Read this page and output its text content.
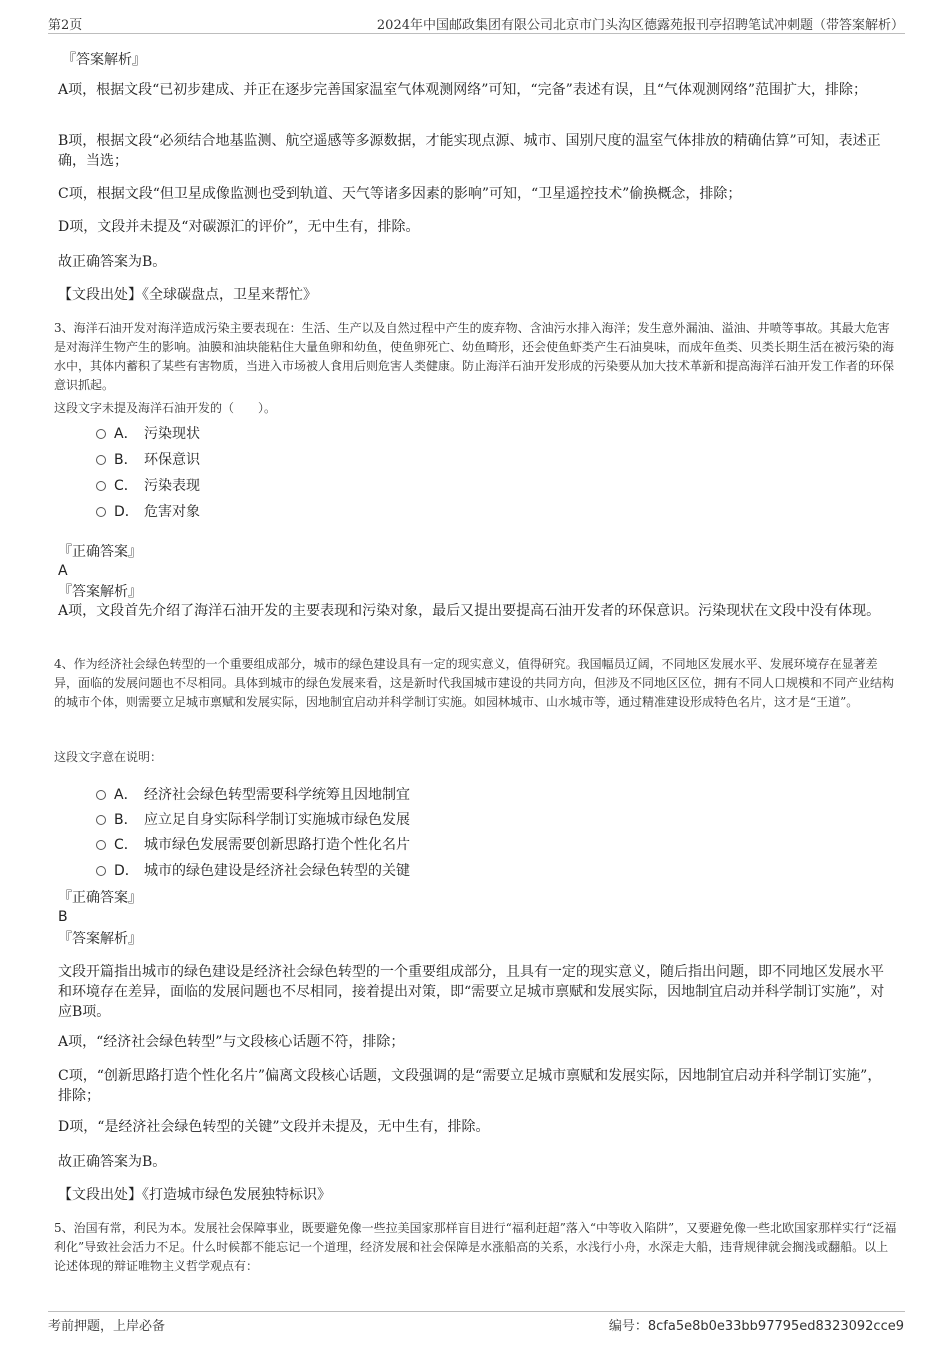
第2页	2024年中国邮政集团有限公司北京市门头沟区德露苑报刊亭招聘笔试冲刺题（带答案解析）
『答案解析』
A项，根据文段“已初步建成、并正在逐步完善国家温室气体观测网络”可知，“完备”表述有误，且“气体观测网络”范围扩大，排除；
B项，根据文段“必须结合地基监测、航空遥感等多源数据，才能实现点源、城市、国别尺度的温室气体排放的精确估算”可知，表述正确，当选；
C项，根据文段“但卫星成像监测也受到轨道、天气等诸多因素的影响”可知，“卫星遥控技术”偷换概念，排除；
D项，文段并未提及“对碳源汇的评价”，无中生有，排除。
故正确答案为B。
【文段出处】《全球碳盘点，卫星来帮忙》
3、海洋石油开发对海洋造成污染主要表现在：生活、生产以及自然过程中产生的废弃物、含油污水排入海洋；发生意外漏油、溢油、井喷等事故。其最大危害是对海洋生物产生的影响。油膜和油块能粘住大量鱼卵和幼鱼，使鱼卵死亡、幼鱼畸形，还会使鱼虾类产生石油臭味，而成年鱼类、贝类长期生活在被污染的海水中，其体内蓄积了某些有害物质，当进入市场被人食用后则危害人类健康。防止海洋石油开发形成的污染要从加大技术革新和提高海洋石油开发工作者的环保意识抓起。
这段文字未提及海洋石油开发的（　　）。
A． 污染现状
B． 环保意识
C． 污染表现
D． 危害对象
『正确答案』
A
『答案解析』
A项，文段首先介绍了海洋石油开发的主要表现和污染对象，最后又提出要提高石油开发者的环保意识。污染现状在文段中没有体现。
4、作为经济社会绿色转型的一个重要组成部分，城市的绿色建设具有一定的现实意义，值得研究。我国幅员辽阔，不同地区发展水平、发展环境存在显著差异，面临的发展问题也不尽相同。具体到城市的绿色发展来看，这是新时代我国城市建设的共同方向，但涉及不同地区区位，拥有不同人口规模和不同产业结构的城市个体，则需要立足城市禀赋和发展实际，因地制宜启动并科学制订实施。如园林城市、山水城市等，通过精准建设形成特色名片，这才是“王道”。
这段文字意在说明：
A． 经济社会绿色转型需要科学统筹且因地制宜
B． 应立足自身实际科学制订实施城市绿色发展
C． 城市绿色发展需要创新思路打造个性化名片
D． 城市的绿色建设是经济社会绿色转型的关键
『正确答案』
B
『答案解析』
文段开篇指出城市的绿色建设是经济社会绿色转型的一个重要组成部分，且具有一定的现实意义，随后指出问题，即不同地区发展水平和环境存在差异，面临的发展问题也不尽相同，接着提出对策，即“需要立足城市禀赋和发展实际，因地制宜启动并科学制订实施”，对应B项。
A项，“经济社会绿色转型”与文段核心话题不符，排除；
C项，“创新思路打造个性化名片”偏离文段核心话题，文段强调的是“需要立足城市禀赋和发展实际，因地制宜启动并科学制订实施”，排除；
D项，“是经济社会绿色转型的关键”文段并未提及，无中生有，排除。
故正确答案为B。
【文段出处】《打造城市绿色发展独特标识》
5、治国有常，利民为本。发展社会保障事业，既要避免像一些拉美国家那样盲目进行“福利赶超”落入“中等收入陷阱”，又要避免像一些北欧国家那样实行“泛福利化”导致社会活力不足。什么时候都不能忘记一个道理，经济发展和社会保障是水涨船高的关系，水浅行小舟，水深走大船，违背规律就会搁浅或翻船。以上论述体现的辩证唯物主义哲学观点有：
考前押题，上岸必备	编号：8cfa5e8b0e33bb97795ed8323092cce9
